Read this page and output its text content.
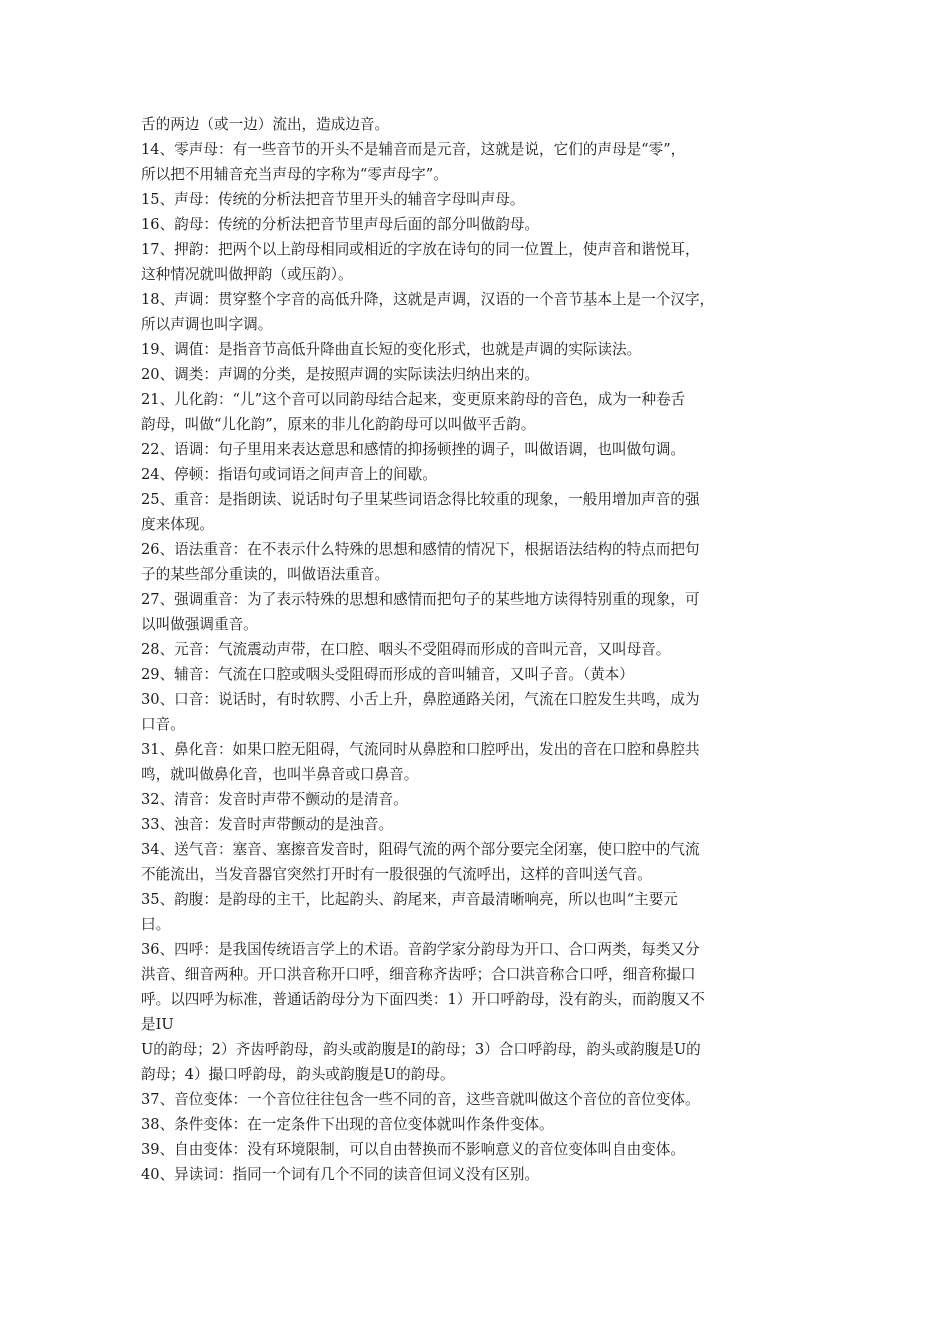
舌的两边（或一边）流出，造成边音。
14、零声母：有一些音节的开头不是辅音而是元音，这就是说，它们的声母是“零”，
所以把不用辅音充当声母的字称为“零声母字”。
15、声母：传统的分析法把音节里开头的辅音字母叫声母。
16、韵母：传统的分析法把音节里声母后面的部分叫做韵母。
17、押韵：把两个以上韵母相同或相近的字放在诗句的同一位置上，使声音和谐悦耳，
这种情况就叫做押韵（或压韵）。
18、声调：贯穿整个字音的高低升降，这就是声调，汉语的一个音节基本上是一个汉字，
所以声调也叫字调。
19、调值：是指音节高低升降曲直长短的变化形式，也就是声调的实际读法。
20、调类：声调的分类，是按照声调的实际读法归纳出来的。
21、儿化韵：“儿”这个音可以同韵母结合起来，变更原来韵母的音色，成为一种卷舌
韵母，叫做“儿化韵”，原来的非儿化韵韵母可以叫做平舌韵。
22、语调：句子里用来表达意思和感情的抑扬顿挫的调子，叫做语调，也叫做句调。
24、停顿：指语句或词语之间声音上的间歇。
25、重音：是指朗读、说话时句子里某些词语念得比较重的现象，一般用增加声音的强
度来体现。
26、语法重音：在不表示什么特殊的思想和感情的情况下，根据语法结构的特点而把句
子的某些部分重读的，叫做语法重音。
27、强调重音：为了表示特殊的思想和感情而把句子的某些地方读得特别重的现象，可
以叫做强调重音。
28、元音：气流震动声带，在口腔、咽头不受阻碍而形成的音叫元音，又叫母音。
29、辅音：气流在口腔或咽头受阻碍而形成的音叫辅音，又叫子音。（黄本）
30、口音：说话时，有时软腭、小舌上升，鼻腔通路关闭，气流在口腔发生共鸣，成为
口音。
31、鼻化音：如果口腔无阻碍，气流同时从鼻腔和口腔呼出，发出的音在口腔和鼻腔共
鸣，就叫做鼻化音，也叫半鼻音或口鼻音。
32、清音：发音时声带不颤动的是清音。
33、浊音：发音时声带颤动的是浊音。
34、送气音：塞音、塞擦音发音时，阻碍气流的两个部分要完全闭塞，使口腔中的气流
不能流出，当发音器官突然打开时有一股很强的气流呼出，这样的音叫送气音。
35、韵腹：是韵母的主干，比起韵头、韵尾来，声音最清晰响亮，所以也叫“主要元
曰。
36、四呼：是我国传统语言学上的术语。音韵学家分韵母为开口、合口两类，每类又分
洪音、细音两种。开口洪音称开口呼，细音称齐齿呼；合口洪音称合口呼，细音称撮口
呼。以四呼为标准，普通话韵母分为下面四类：1）开口呼韵母，没有韵头，而韵腹又不
是IU
U的韵母；2）齐齿呼韵母，韵头或韵腹是I的韵母；3）合口呼韵母，韵头或韵腹是U的
韵母；4）撮口呼韵母，韵头或韵腹是U的韵母。
37、音位变体：一个音位往往包含一些不同的音，这些音就叫做这个音位的音位变体。
38、条件变体：在一定条件下出现的音位变体就叫作条件变体。
39、自由变体：没有环境限制，可以自由替换而不影响意义的音位变体叫自由变体。
40、异读词：指同一个词有几个不同的读音但词义没有区别。
